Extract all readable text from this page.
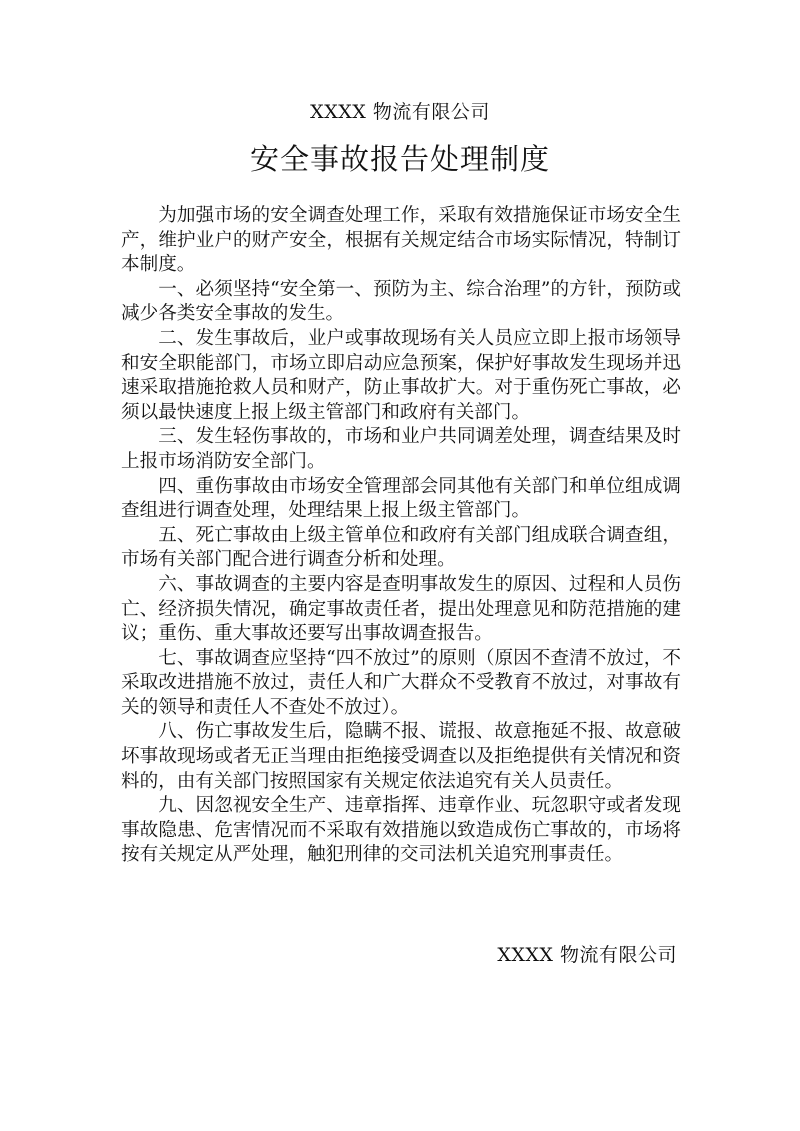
XXXX 物流有限公司
安全事故报告处理制度

为加强市场的安全调查处理工作，采取有效措施保证市场安全生产，维护业户的财产安全，根据有关规定结合市场实际情况，特制订本制度。

一、必须坚持“安全第一、预防为主、综合治理”的方针，预防或减少各类安全事故的发生。

二、发生事故后，业户或事故现场有关人员应立即上报市场领导和安全职能部门，市场立即启动应急预案，保护好事故发生现场并迅速采取措施抢救人员和财产，防止事故扩大。对于重伤死亡事故，必须以最快速度上报上级主管部门和政府有关部门。

三、发生轻伤事故的，市场和业户共同调差处理，调查结果及时上报市场消防安全部门。

四、重伤事故由市场安全管理部会同其他有关部门和单位组成调查组进行调查处理，处理结果上报上级主管部门。

五、死亡事故由上级主管单位和政府有关部门组成联合调查组，市场有关部门配合进行调查分析和处理。

六、事故调查的主要内容是查明事故发生的原因、过程和人员伤亡、经济损失情况，确定事故责任者，提出处理意见和防范措施的建议；重伤、重大事故还要写出事故调查报告。

七、事故调查应坚持“四不放过”的原则（原因不查清不放过，不采取改进措施不放过，责任人和广大群众不受教育不放过，对事故有关的领导和责任人不查处不放过）。

八、伤亡事故发生后，隐瞒不报、谎报、故意拖延不报、故意破坏事故现场或者无正当理由拒绝接受调查以及拒绝提供有关情况和资料的，由有关部门按照国家有关规定依法追究有关人员责任。

九、因忽视安全生产、违章指挥、违章作业、玩忽职守或者发现事故隐患、危害情况而不采取有效措施以致造成伤亡事故的，市场将按有关规定从严处理，触犯刑律的交司法机关追究刑事责任。

XXXX 物流有限公司
